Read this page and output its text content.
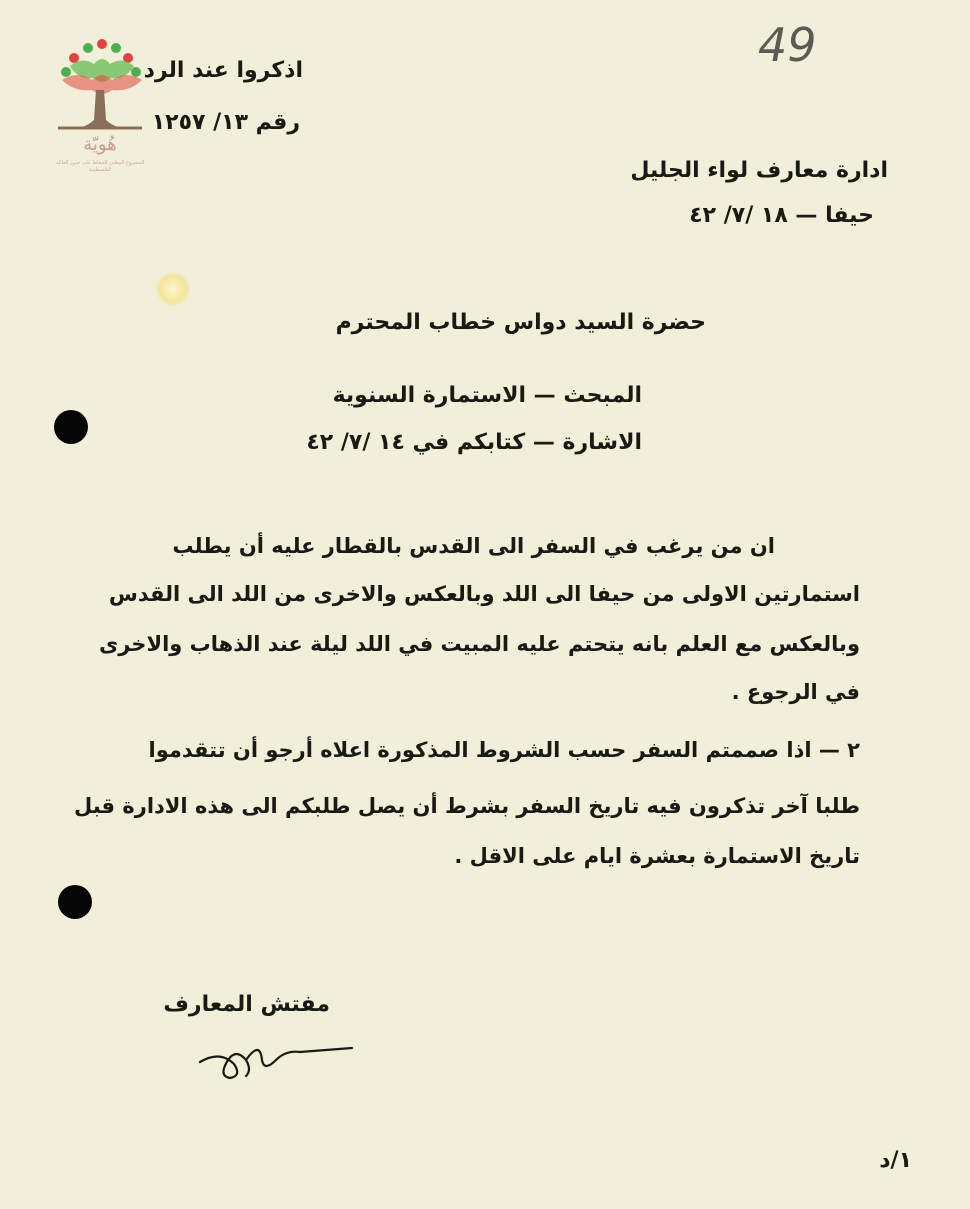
49
هُويّة
المشروع الوطني للحفاظ على جذور العائلة الفلسطينية
اذكروا عند الرد
رقم ١٣/ ١٢٥٧
ادارة معارف لواء الجليل
حيفا — ١٨ /٧/ ٤٢
حضرة السيد دواس خطاب المحترم
المبحث — الاستمارة السنوية
الاشارة — كتابكم في ١٤ /٧/ ٤٢
ان من يرغب في السفر الى القدس بالقطار عليه أن يطلب
استمارتين الاولى من حيفا الى اللد وبالعكس والاخرى من اللد الى القدس
وبالعكس مع العلم بانه يتحتم عليه المبيت في اللد ليلة عند الذهاب والاخرى
في الرجوع .
٢ — اذا صممتم السفر حسب الشروط المذكورة اعلاه أرجو أن تتقدموا
طلبا آخر تذكرون فيه تاريخ السفر بشرط أن يصل طلبكم الى هذه الادارة قبل
تاريخ الاستمارة بعشرة ايام على الاقل .
مفتش المعارف
١/د
